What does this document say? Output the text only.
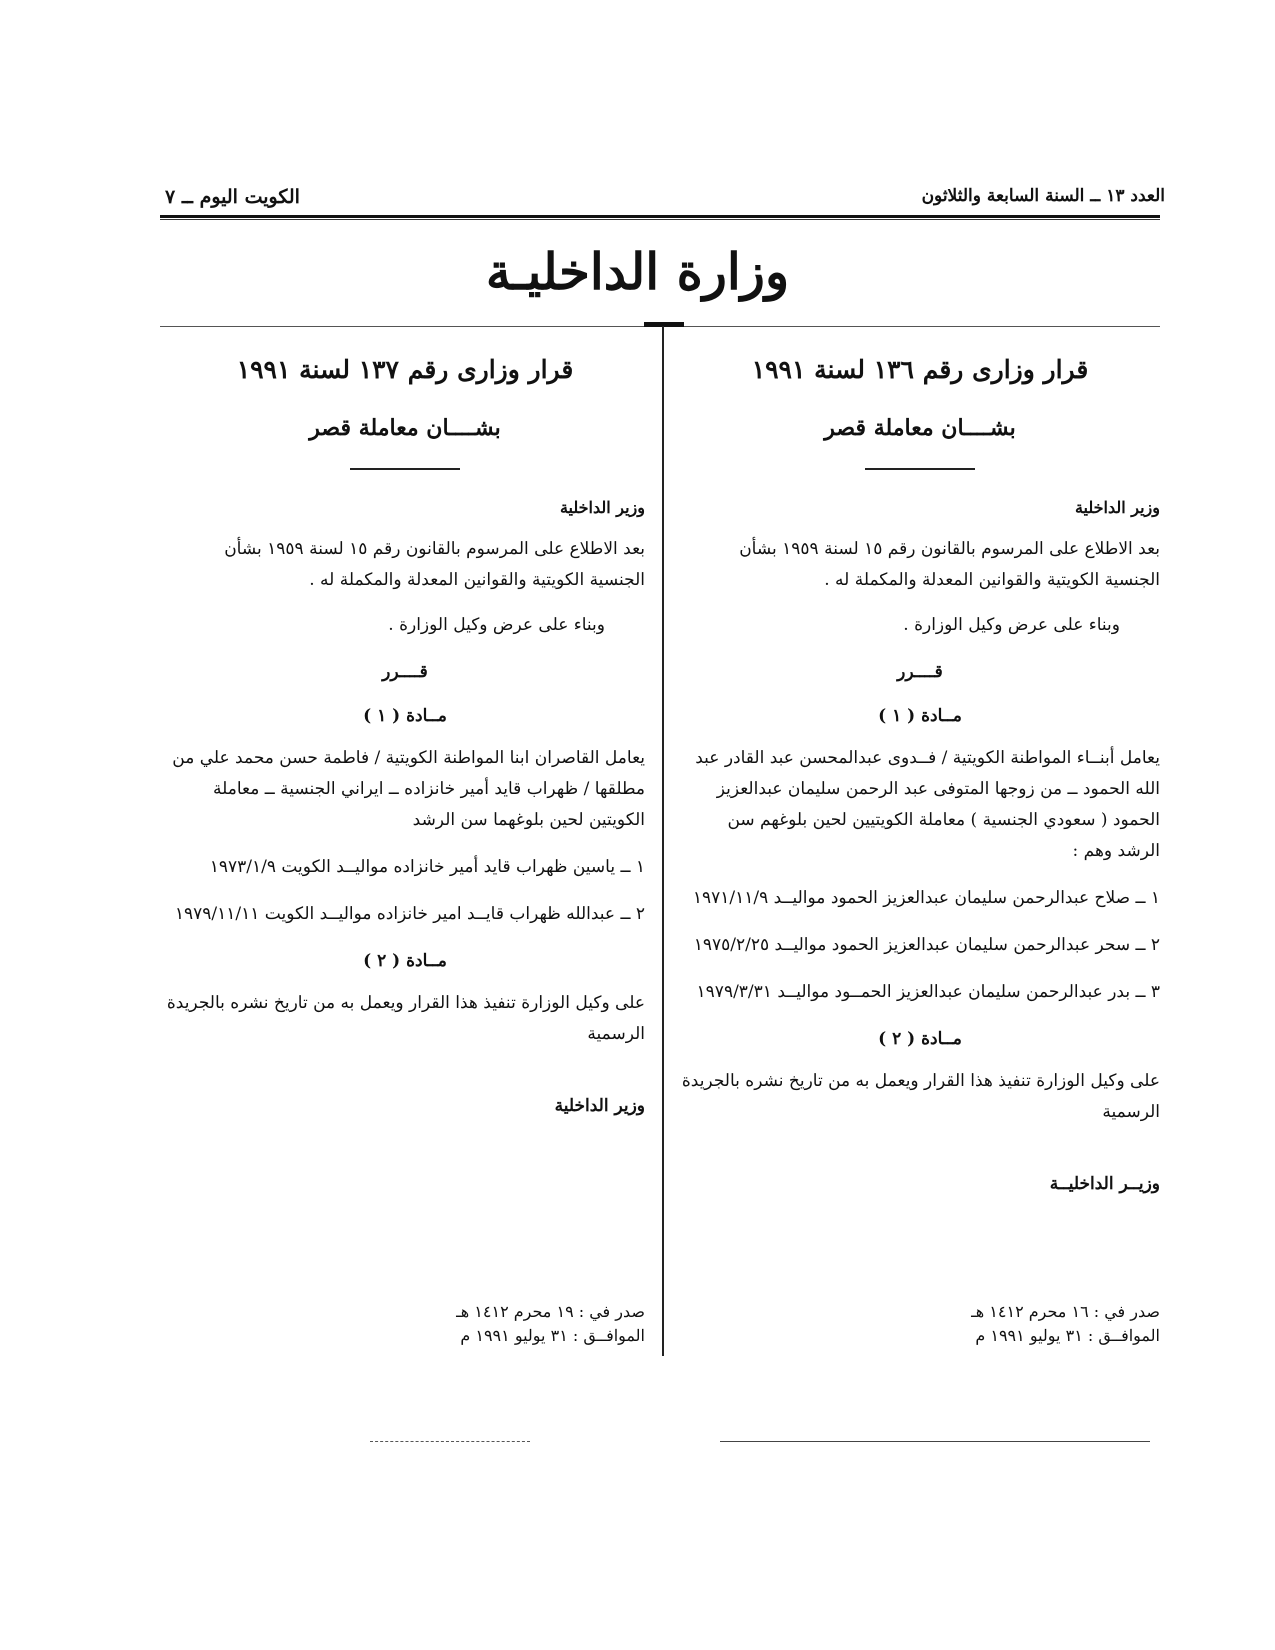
العدد ١٣ ــ السنة السابعة والثلاثون
الكويت اليوم ــ ٧
وزارة الداخليـة
قرار وزارى رقم ١٣٦ لسنة ١٩٩١
بشــــان معاملة قصر
وزير الداخلية
بعد الاطلاع على المرسوم بالقانون رقم ١٥ لسنة ١٩٥٩ بشأن الجنسية الكويتية والقوانين المعدلة والمكملة له .
وبناء على عرض وكيل الوزارة .
قــــرر
مــادة ( ١ )
يعامل أبنــاء المواطنة الكويتية / فــدوى عبدالمحسن عبد القادر عبد الله الحمود ــ من زوجها المتوفى عبد الرحمن سليمان عبدالعزيز الحمود ( سعودي الجنسية ) معاملة الكويتيين لحين بلوغهم سن الرشد وهم :
١ ــ صلاح عبدالرحمن سليمان عبدالعزيز الحمود مواليــد ١٩٧١/١١/٩
٢ ــ سحر عبدالرحمن سليمان عبدالعزيز الحمود مواليــد ١٩٧٥/٢/٢٥
٣ ــ بدر عبدالرحمن سليمان عبدالعزيز الحمــود مواليــد ١٩٧٩/٣/٣١
مــادة ( ٢ )
على وكيل الوزارة تنفيذ هذا القرار ويعمل به من تاريخ نشره بالجريدة الرسمية
وزيــر الداخليــة
قرار وزارى رقم ١٣٧ لسنة ١٩٩١
بشــــان معاملة قصر
وزير الداخلية
بعد الاطلاع على المرسوم بالقانون رقم ١٥ لسنة ١٩٥٩ بشأن الجنسية الكويتية والقوانين المعدلة والمكملة له .
وبناء على عرض وكيل الوزارة .
قــــرر
مــادة ( ١ )
يعامل القاصران ابنا المواطنة الكويتية / فاطمة حسن محمد علي من مطلقها / ظهراب قايد أمير خانزاده ــ ايراني الجنسية ــ معاملة الكويتين لحين بلوغهما سن الرشد
١ ــ ياسين ظهراب قايد أمير خانزاده مواليــد الكويت ١٩٧٣/١/٩
٢ ــ عبدالله ظهراب قايــد امير خانزاده مواليــد الكويت ١٩٧٩/١١/١١
مــادة ( ٢ )
على وكيل الوزارة تنفيذ هذا القرار ويعمل به من تاريخ نشره بالجريدة الرسمية
وزير الداخلية
صدر في : ١٦ محرم ١٤١٢ هـ
الموافــق : ٣١ يوليو ١٩٩١ م
صدر في : ١٩ محرم ١٤١٢ هـ
الموافــق : ٣١ يوليو ١٩٩١ م
